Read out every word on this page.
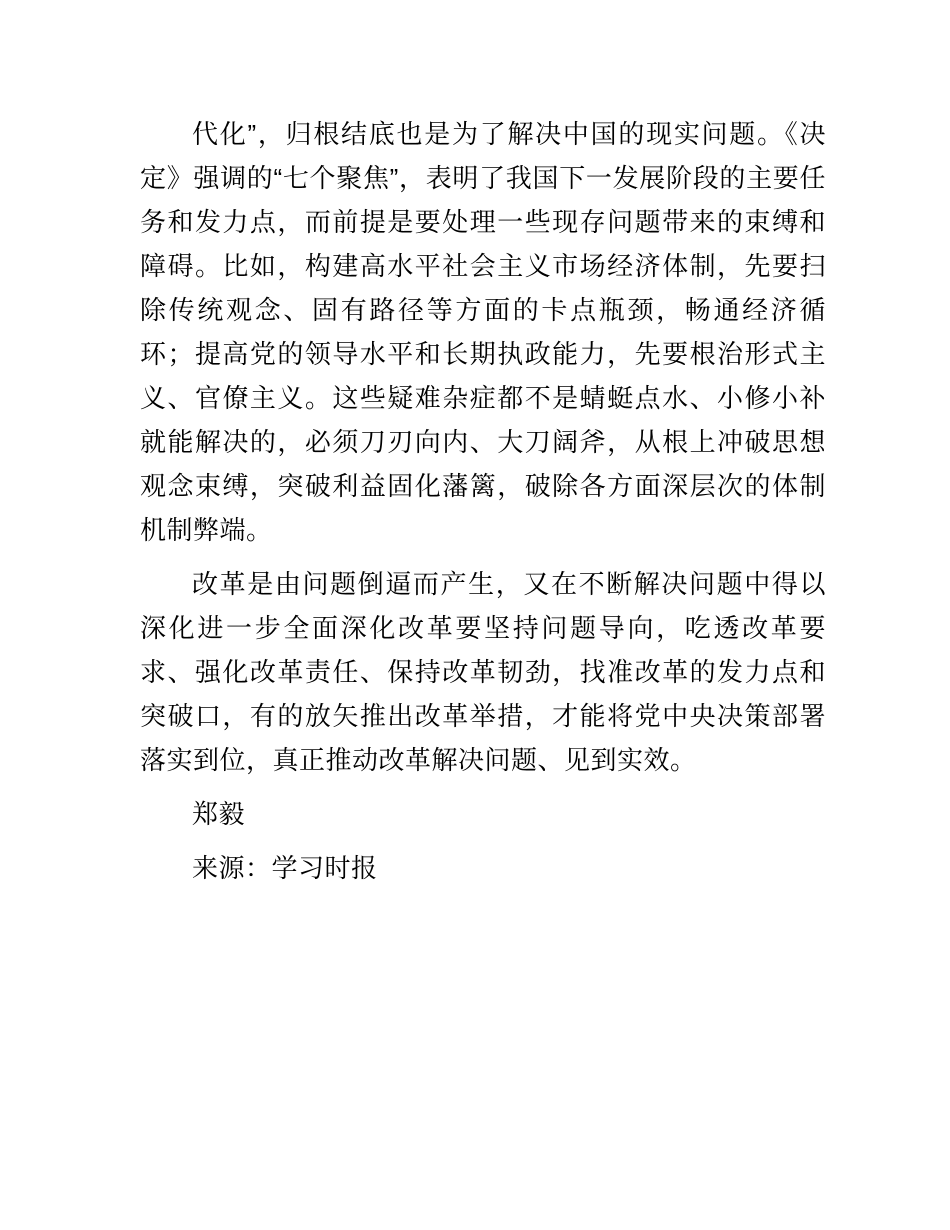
代化”，归根结底也是为了解决中国的现实问题。《决定》强调的“七个聚焦”，表明了我国下一发展阶段的主要任务和发力点，而前提是要处理一些现存问题带来的束缚和障碍。比如，构建高水平社会主义市场经济体制，先要扫除传统观念、固有路径等方面的卡点瓶颈，畅通经济循环；提高党的领导水平和长期执政能力，先要根治形式主义、官僚主义。这些疑难杂症都不是蜻蜓点水、小修小补就能解决的，必须刀刃向内、大刀阔斧，从根上冲破思想观念束缚，突破利益固化藩篱，破除各方面深层次的体制机制弊端。

改革是由问题倒逼而产生，又在不断解决问题中得以深化进一步全面深化改革要坚持问题导向，吃透改革要求、强化改革责任、保持改革韧劲，找准改革的发力点和突破口，有的放矢推出改革举措，才能将党中央决策部署落实到位，真正推动改革解决问题、见到实效。

郑毅

来源：学习时报
